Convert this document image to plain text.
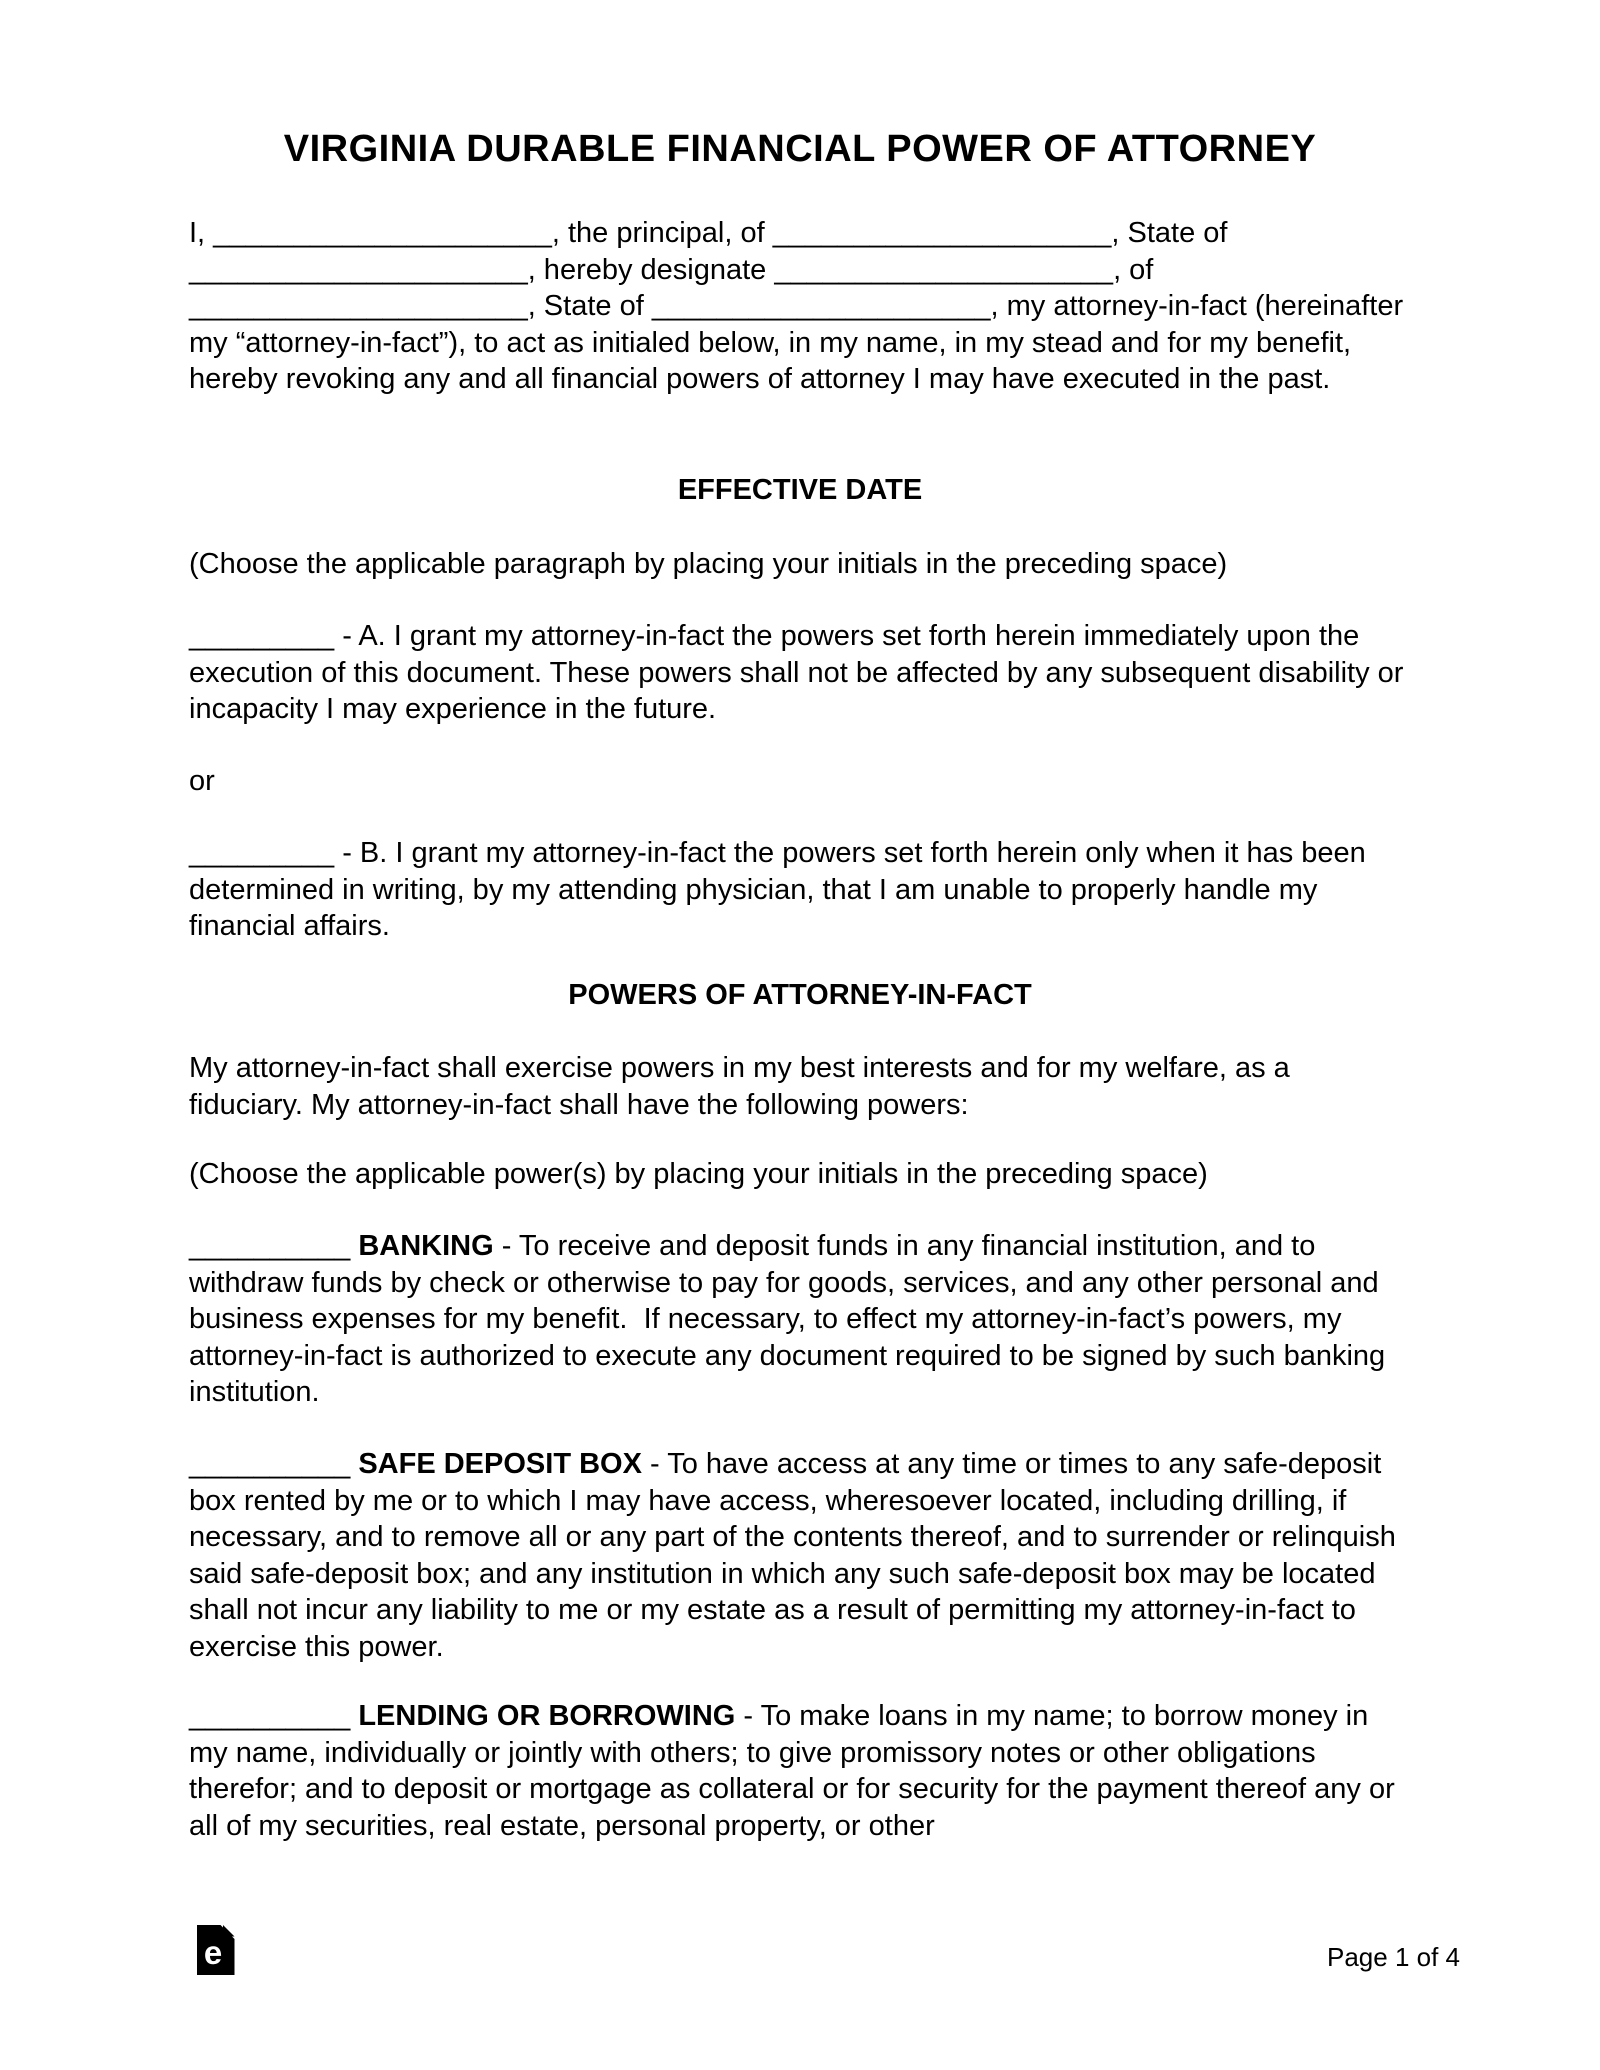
VIRGINIA DURABLE FINANCIAL POWER OF ATTORNEY

I, _____________________, the principal, of _____________________, State of _____________________, hereby designate _____________________, of _____________________, State of _____________________, my attorney-in-fact (hereinafter my “attorney-in-fact”), to act as initialed below, in my name, in my stead and for my benefit, hereby revoking any and all financial powers of attorney I may have executed in the past.

EFFECTIVE DATE

(Choose the applicable paragraph by placing your initials in the preceding space)

_________ - A. I grant my attorney-in-fact the powers set forth herein immediately upon the execution of this document. These powers shall not be affected by any subsequent disability or incapacity I may experience in the future.

or

_________ - B. I grant my attorney-in-fact the powers set forth herein only when it has been determined in writing, by my attending physician, that I am unable to properly handle my financial affairs.

POWERS OF ATTORNEY-IN-FACT

My attorney-in-fact shall exercise powers in my best interests and for my welfare, as a fiduciary. My attorney-in-fact shall have the following powers:

(Choose the applicable power(s) by placing your initials in the preceding space)

__________ BANKING - To receive and deposit funds in any financial institution, and to withdraw funds by check or otherwise to pay for goods, services, and any other personal and business expenses for my benefit.  If necessary, to effect my attorney-in-fact’s powers, my attorney-in-fact is authorized to execute any document required to be signed by such banking institution.

__________ SAFE DEPOSIT BOX - To have access at any time or times to any safe-deposit box rented by me or to which I may have access, wheresoever located, including drilling, if necessary, and to remove all or any part of the contents thereof, and to surrender or relinquish said safe-deposit box; and any institution in which any such safe-deposit box may be located shall not incur any liability to me or my estate as a result of permitting my attorney-in-fact to exercise this power.

__________ LENDING OR BORROWING - To make loans in my name; to borrow money in my name, individually or jointly with others; to give promissory notes or other obligations therefor; and to deposit or mortgage as collateral or for security for the payment thereof any or all of my securities, real estate, personal property, or other

e	Page 1 of 4
